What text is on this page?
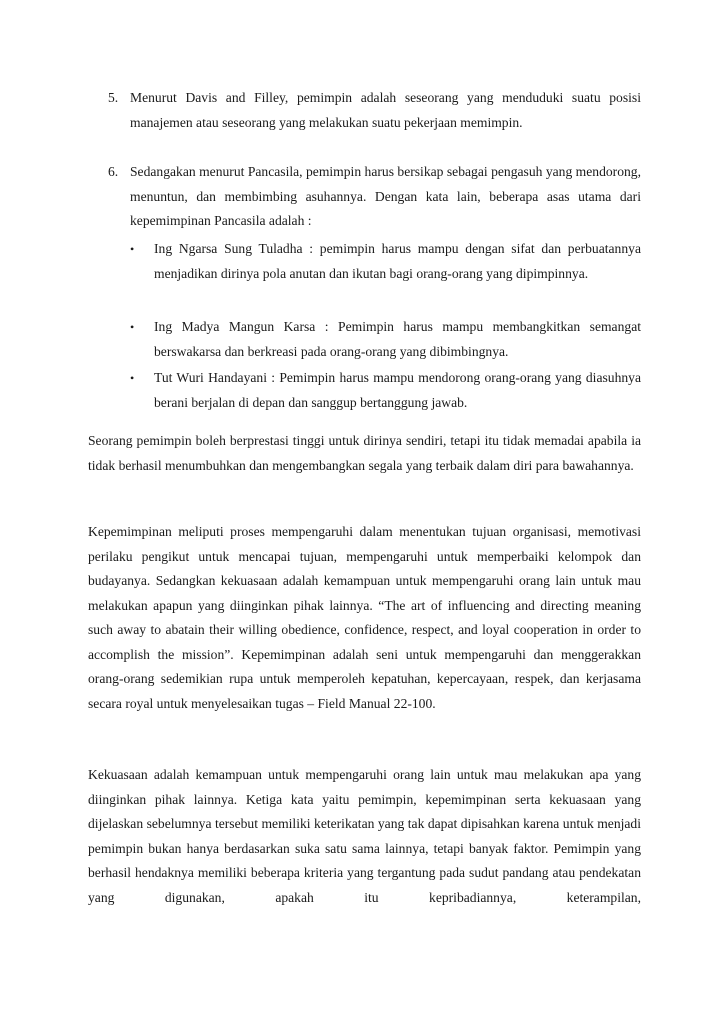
5. Menurut Davis and Filley, pemimpin adalah seseorang yang menduduki suatu posisi manajemen atau seseorang yang melakukan suatu pekerjaan memimpin.
6. Sedangakan menurut Pancasila, pemimpin harus bersikap sebagai pengasuh yang mendorong, menuntun, dan membimbing asuhannya. Dengan kata lain, beberapa asas utama dari kepemimpinan Pancasila adalah :
•	Ing Ngarsa Sung Tuladha : pemimpin harus mampu dengan sifat dan perbuatannya menjadikan dirinya pola anutan dan ikutan bagi orang-orang yang dipimpinnya.
•	Ing Madya Mangun Karsa : Pemimpin harus mampu membangkitkan semangat berswakarsa dan berkreasi pada orang-orang yang dibimbingnya.
•	Tut Wuri Handayani : Pemimpin harus mampu mendorong orang-orang yang diasuhnya berani berjalan di depan dan sanggup bertanggung jawab.
Seorang pemimpin boleh berprestasi tinggi untuk dirinya sendiri, tetapi itu tidak memadai apabila ia tidak berhasil menumbuhkan dan mengembangkan segala yang terbaik dalam diri para bawahannya.
Kepemimpinan meliputi proses mempengaruhi dalam menentukan tujuan organisasi, memotivasi perilaku pengikut untuk mencapai tujuan, mempengaruhi untuk memperbaiki kelompok dan budayanya. Sedangkan kekuasaan adalah kemampuan untuk mempengaruhi orang lain untuk mau melakukan apapun yang diinginkan pihak lainnya. “The art of influencing and directing meaning such away to abatain their willing obedience, confidence, respect, and loyal cooperation in order to accomplish the mission”. Kepemimpinan adalah seni untuk mempengaruhi dan menggerakkan orang-orang sedemikian rupa untuk memperoleh kepatuhan, kepercayaan, respek, dan kerjasama secara royal untuk menyelesaikan tugas – Field Manual 22-100.
Kekuasaan adalah kemampuan untuk mempengaruhi orang lain untuk mau melakukan apa yang diinginkan pihak lainnya. Ketiga kata yaitu pemimpin, kepemimpinan serta kekuasaan yang dijelaskan sebelumnya tersebut memiliki keterikatan yang tak dapat dipisahkan karena untuk menjadi pemimpin bukan hanya berdasarkan suka satu sama lainnya, tetapi banyak faktor. Pemimpin yang berhasil hendaknya memiliki beberapa kriteria yang tergantung pada sudut pandang atau pendekatan yang digunakan, apakah itu kepribadiannya, keterampilan,
